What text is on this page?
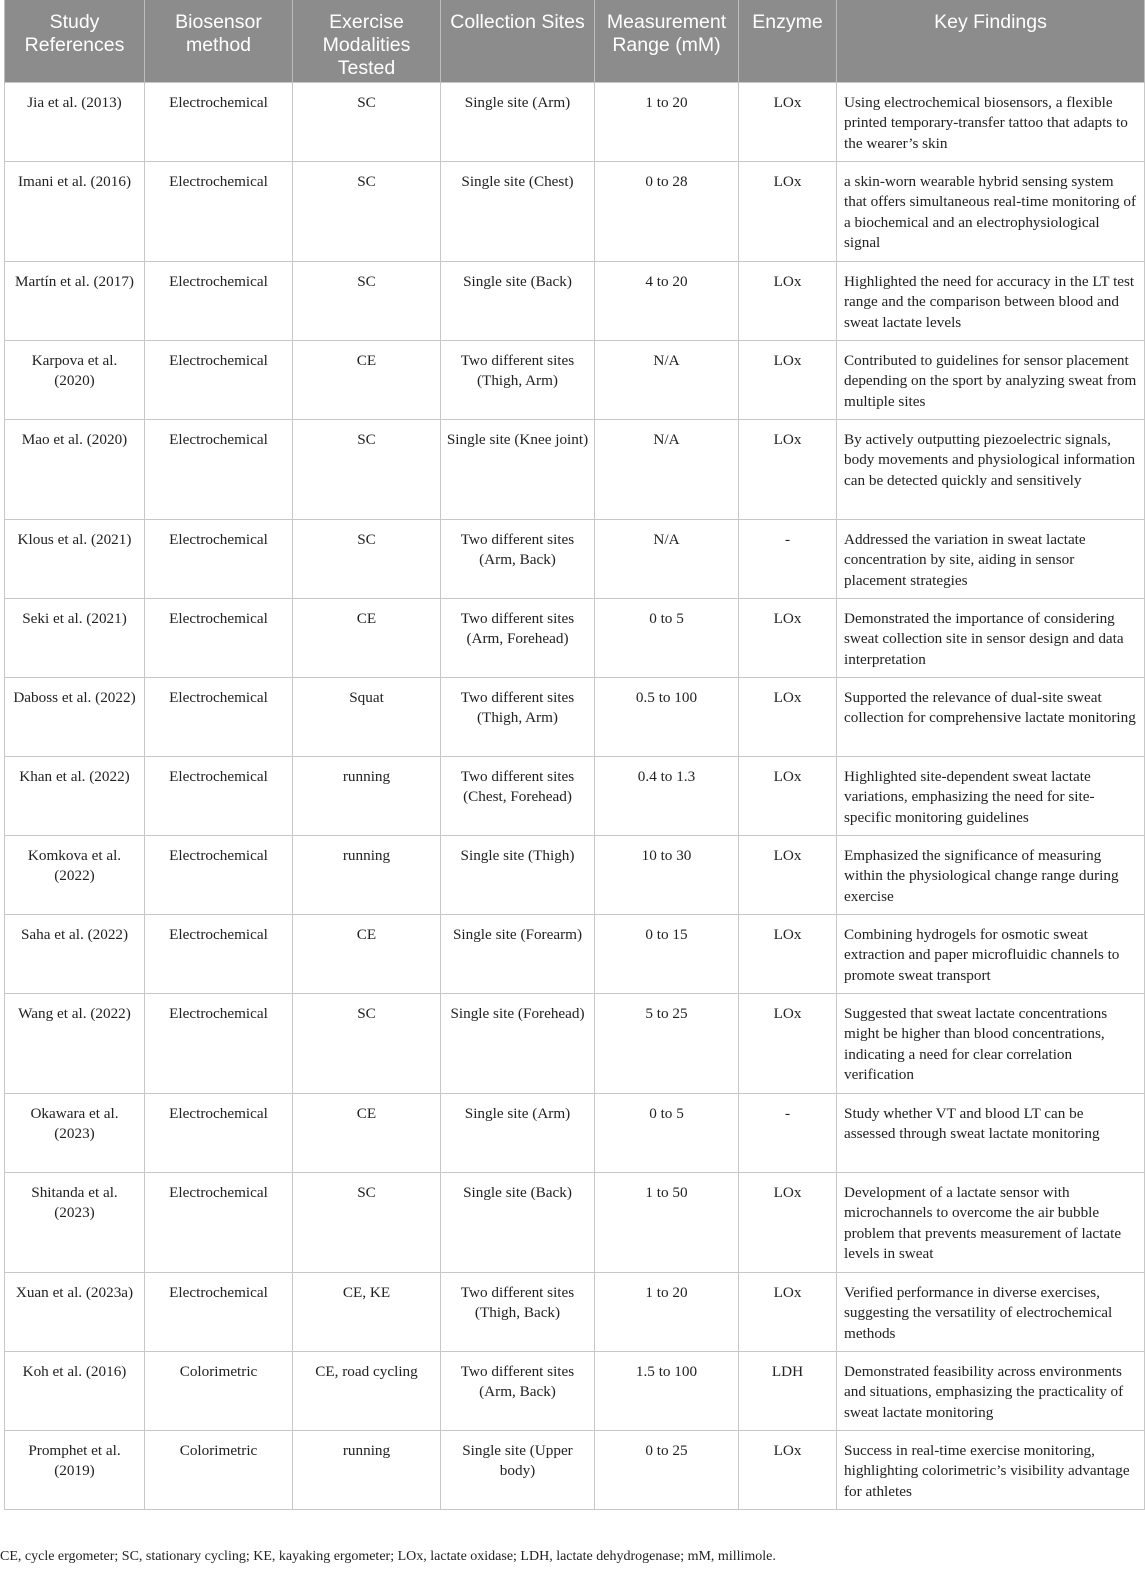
Study References	Biosensor method	Exercise Modalities Tested	Collection Sites	Measurement Range (mM)	Enzyme	Key Findings
Jia et al. (2013)	Electrochemical	SC	Single site (Arm)	1 to 20	LOx	Using electrochemical biosensors, a flexible printed temporary-transfer tattoo that adapts to the wearer’s skin
Imani et al. (2016)	Electrochemical	SC	Single site (Chest)	0 to 28	LOx	a skin-worn wearable hybrid sensing system that offers simultaneous real-time monitoring of a biochemical and an electrophysiological signal
Martín et al. (2017)	Electrochemical	SC	Single site (Back)	4 to 20	LOx	Highlighted the need for accuracy in the LT test range and the comparison between blood and sweat lactate levels
Karpova et al. (2020)	Electrochemical	CE	Two different sites (Thigh, Arm)	N/A	LOx	Contributed to guidelines for sensor placement depending on the sport by analyzing sweat from multiple sites
Mao et al. (2020)	Electrochemical	SC	Single site (Knee joint)	N/A	LOx	By actively outputting piezoelectric signals, body movements and physiological information can be detected quickly and sensitively
Klous et al. (2021)	Electrochemical	SC	Two different sites (Arm, Back)	N/A	-	Addressed the variation in sweat lactate concentration by site, aiding in sensor placement strategies
Seki et al. (2021)	Electrochemical	CE	Two different sites (Arm, Forehead)	0 to 5	LOx	Demonstrated the importance of considering sweat collection site in sensor design and data interpretation
Daboss et al. (2022)	Electrochemical	Squat	Two different sites (Thigh, Arm)	0.5 to 100	LOx	Supported the relevance of dual-site sweat collection for comprehensive lactate monitoring
Khan et al. (2022)	Electrochemical	running	Two different sites (Chest, Forehead)	0.4 to 1.3	LOx	Highlighted site-dependent sweat lactate variations, emphasizing the need for site-specific monitoring guidelines
Komkova et al. (2022)	Electrochemical	running	Single site (Thigh)	10 to 30	LOx	Emphasized the significance of measuring within the physiological change range during exercise
Saha et al. (2022)	Electrochemical	CE	Single site (Forearm)	0 to 15	LOx	Combining hydrogels for osmotic sweat extraction and paper microfluidic channels to promote sweat transport
Wang et al. (2022)	Electrochemical	SC	Single site (Forehead)	5 to 25	LOx	Suggested that sweat lactate concentrations might be higher than blood concentrations, indicating a need for clear correlation verification
Okawara et al. (2023)	Electrochemical	CE	Single site (Arm)	0 to 5	-	Study whether VT and blood LT can be assessed through sweat lactate monitoring
Shitanda et al. (2023)	Electrochemical	SC	Single site (Back)	1 to 50	LOx	Development of a lactate sensor with microchannels to overcome the air bubble problem that prevents measurement of lactate levels in sweat
Xuan et al. (2023a)	Electrochemical	CE, KE	Two different sites (Thigh, Back)	1 to 20	LOx	Verified performance in diverse exercises, suggesting the versatility of electrochemical methods
Koh et al. (2016)	Colorimetric	CE, road cycling	Two different sites (Arm, Back)	1.5 to 100	LDH	Demonstrated feasibility across environments and situations, emphasizing the practicality of sweat lactate monitoring
Promphet et al. (2019)	Colorimetric	running	Single site (Upper body)	0 to 25	LOx	Success in real-time exercise monitoring, highlighting colorimetric’s visibility advantage for athletes
CE, cycle ergometer; SC, stationary cycling; KE, kayaking ergometer; LOx, lactate oxidase; LDH, lactate dehydrogenase; mM, millimole.
